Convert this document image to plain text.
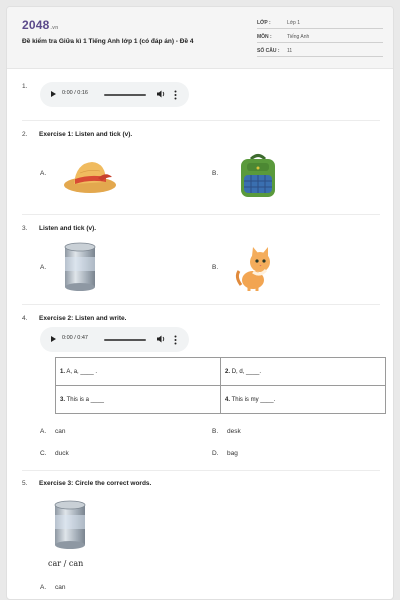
2048.vn
Đề kiểm tra Giữa kì 1 Tiếng Anh lớp 1 (có đáp án) - Đề 4
LỚP :	Lớp 1
MÔN :	Tiếng Anh
SỐ CÂU : 11
1.
0:00 / 0:16
2. Exercise 1: Listen and tick (v).
A.	B.
3. Listen and tick (v).
A.	B.
4. Exercise 2: Listen and write.
0:00 / 0:47
1. A, a, ____ .	2. D, d, ____.
3. This is a ____	4. This is my ____.
A. can	B. desk
C. duck	D. bag
5. Exercise 3: Circle the correct words.
car / can
A. can
